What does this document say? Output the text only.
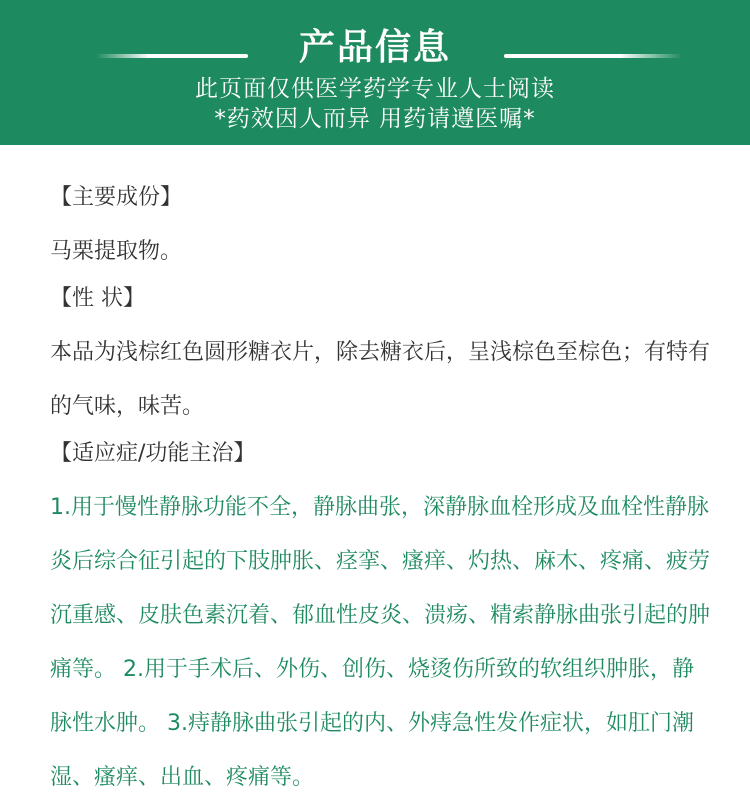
产品信息
此页面仅供医学药学专业人士阅读
*药效因人而异 用药请遵医嘱*
【主要成份】
马栗提取物。
【性 状】
本品为浅棕红色圆形糖衣片，除去糖衣后，呈浅棕色至棕色；有特有的气味，味苦。
【适应症/功能主治】
1.用于慢性静脉功能不全，静脉曲张，深静脉血栓形成及血栓性静脉炎后综合征引起的下肢肿胀、痉挛、瘙痒、灼热、麻木、疼痛、疲劳沉重感、皮肤色素沉着、郁血性皮炎、溃疡、精索静脉曲张引起的肿痛等。 2.用于手术后、外伤、创伤、烧烫伤所致的软组织肿胀，静脉性水肿。 3.痔静脉曲张引起的内、外痔急性发作症状，如肛门潮湿、瘙痒、出血、疼痛等。
